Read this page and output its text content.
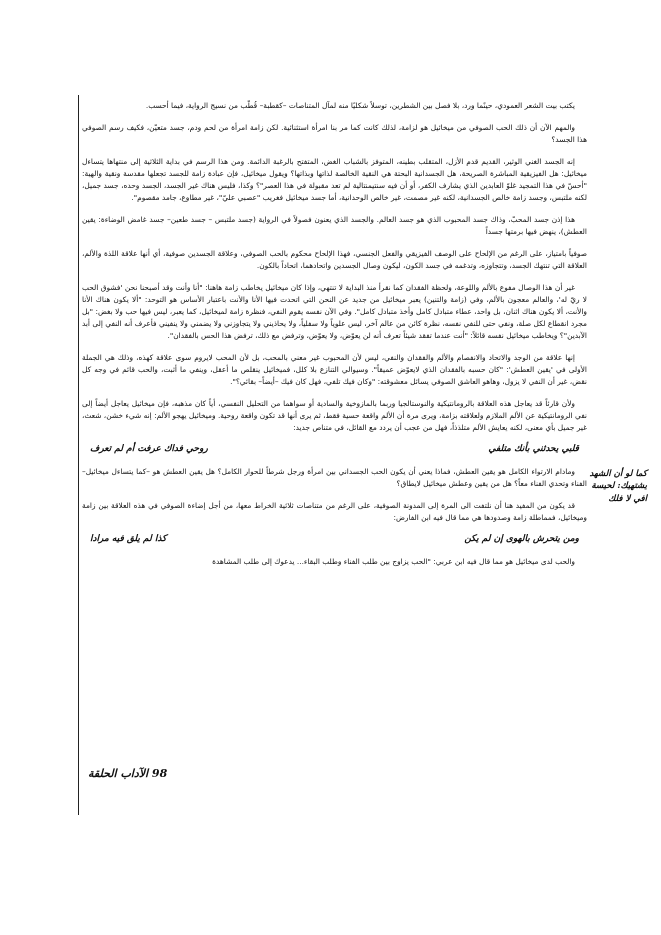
يكتب بيت الشعر العمودي، حينًما ورد، بلا فصل بين الشطرين، توسلاً شكليًا منه لمآل المتناصات –كقطبة– قُطّب من نسيج الرواية، فيما أحسب.

والمهم الآن أن ذلك الحب الصوفي من ميخائيل هو لزامة، لذلك كانت كما مر بنا امرأة استثنائية. لكن زامة امرأة من لحم ودم، جسد متعيّن، فكيف رسم الصوفي هذا الجسد؟

إنه الجسد الغني الوثير، القديم قدم الأزل، المتقلب بطينه، المتوفز بالشباب الغض، المتفتح بالرغبة الدائمة. ومن هذا الرسم في بداية الثلاثية إلى منتهاها يتساءل ميخائيل: هل الفيزيقية المباشرة الصريحة، هل الجسدانية البحتة هي النقية الخالصة لذاتها وبذاتها؟ ويقول ميخائيل، فإن عبادة زامة للجسد تجعلها مقدسة ونقية والهية: "أحسّ في هذا التمجيد غلوّ العابدين الذي يشارف الكفر، أو أن فيه سنتيمنتالية لم تعد مقبولة في هذا العصر"؟ وكذا، فليس هناك غير الجسد، الجسد وحده، جسد جميل، لكنه ملتبس، وجسد زامة خالص الجسدانية، لكنه غير مصمت، غير خالص الوحدانية، أما جسد ميخائيل فغريب "عصبي عليّ"، غير مطاوع، جامد مقصوم".

هذا إذن جسد المحبّ، وذاك جسد المحبوب الذي هو جسد العالم. والجسد الذي يعنون فصولاً في الرواية (جسد ملتبس – جسد طعين– جسد غامض الوضاءة: يقين العطش)، ينهض فيها برمتها جسداً

صوفياً بامتياز، على الرغم من الإلحاح على الوصف الفيزيقي والفعل الجنسي، فهذا الإلحاح محكوم بالحب الصوفي، وعلاقة الجسدين صوفية، أي أنها علاقة اللذة والألم، العلاقة التي تنتهك الجسد، وتتجاوزه، وتدغمه في جسد الكون، ليكون وصال الجسدين واتحادهما، اتحاداً بالكون.

غير أن هذا الوصال مفوع بالألم واللوعة، ولحظة الفقدان كما نقرأ منذ البداية لا تنتهي، وإذا كان ميخائيل يخاطب زامة هاهنا: "أنا وأنت وقد أصبحنا نحن 'فشوق الحب لا ريّ له'، والعالم معجون بالألم، وفي (زامة والتنين) يعبر ميخائيل من جديد عن النحن التي اتحدت فيها الأنا والأنت باعتبار الأساس هو التوحد: "ألا يكون هناك الأنا والأنت، ألا يكون هناك اثنان، بل واحد، عطاء متبادل كامل وأخذ متبادل كامل". وفي الآن نفسه يقوم النفي، فنظرة زامة لميخائيل، كما يعبر، ليس فيها حب ولا بغض: "بل مجرد انقطاع لكل صلة، ونفي حتى للنفي نفسه، نظرة كائن من عالم آخر، ليس علوياً ولا سفلياً، ولا يحاذيني ولا يتجاوزني ولا يضمني ولا ينفيني فأعرف أنه النفي إلى أبد الآبدين"؟ ويخاطب ميخائيل نفسه قائلاً: "أنت عندما تفقد شيئاً تعرف أنه لن يعوّض، ولا يعوّض، وترفض مع ذلك، ترفض هذا الحس بالفقدان".

إنها علاقة من الوجد والاتحاد والانفصام والألم والفقدان والنفي، ليس لأن المحبوب غير معني بالمحب، بل لأن المحب لايروم سوى علاقة كهذه، وذلك هي الجملة الأولى في 'يقين العطش': "كان حسبه بالفقدان الذي لايعوّض عميقاً". وسيوالي التنازع بلا كلل، فميخائيل ينقلص ما أعقل، وينفي ما أثبت، والحب قائم في وجه كل نقض، غير أن النفي لا يزول، وهاهو العاشق الصوفي يسائل معشوقته: "وكان فيك تلفي، فهل كان فيك –أيضاً– بقائي؟".

ولأن قارئاً قد يعاجل هذه العلاقة بالرومانتيكية والنوستالجيا وربما بالمازوخية والسادية أو سواهما من التحليل النفسي، أياً كان مذهبه، فإن ميخائيل يعاجل أيضاً إلى نفي الرومانتيكية عن الألم الملازم ولعلاقته بزامة، ويرى مرة أن الألم واقعة حسية فقط، ثم يرى أنها قد تكون واقعة روحية. وميخائيل يهجو الألم: إنه شيء خشن، شعث، غير جميل بأي معنى، لكنه يعايش الألم متلذذاً، فهل من عجب أن يردد مع القائل، في متناص جديد:

قلبي يحدثني بأنك متلفي
روحي فداك عرفت أم لم تعرف

ومادام الارتواء الكامل هو يقين العطش، فماذا يعني أن يكون الحب الجسداني بين امرأة ورجل شرطاً للحوار الكامل؟ هل يقين العطش هو –كما يتساءل ميخائيل– الفناء وتحدي الفناء معاً؟ هل من يقين وعطش ميخائيل لايطاق؟

قد يكون من المفيد هنا أن نلتفت الى المرة إلى المدونة الصوفية، على الرغم من متناصات ثلاثية الخراط معها، من أجل إضاءة الصوفي في هذه العلاقة بين زامة وميخائيل، فمماطلة زامة وصدودها هي مما قال فيه ابن الفارض:

ومن يتحرش بالهوى إن لم يكن
كذا لم يلق فيه مرادا

والحب لدى ميخائيل هو مما قال فيه ابن عربي: "الحب يزاوج بين طلب الفناء وطلب البقاء... يدعوك إلى طلب المشاهدة

كما لو أن الشهد يشتهيك: لحيسة افي لا فلك
98 الآداب الحلقة
